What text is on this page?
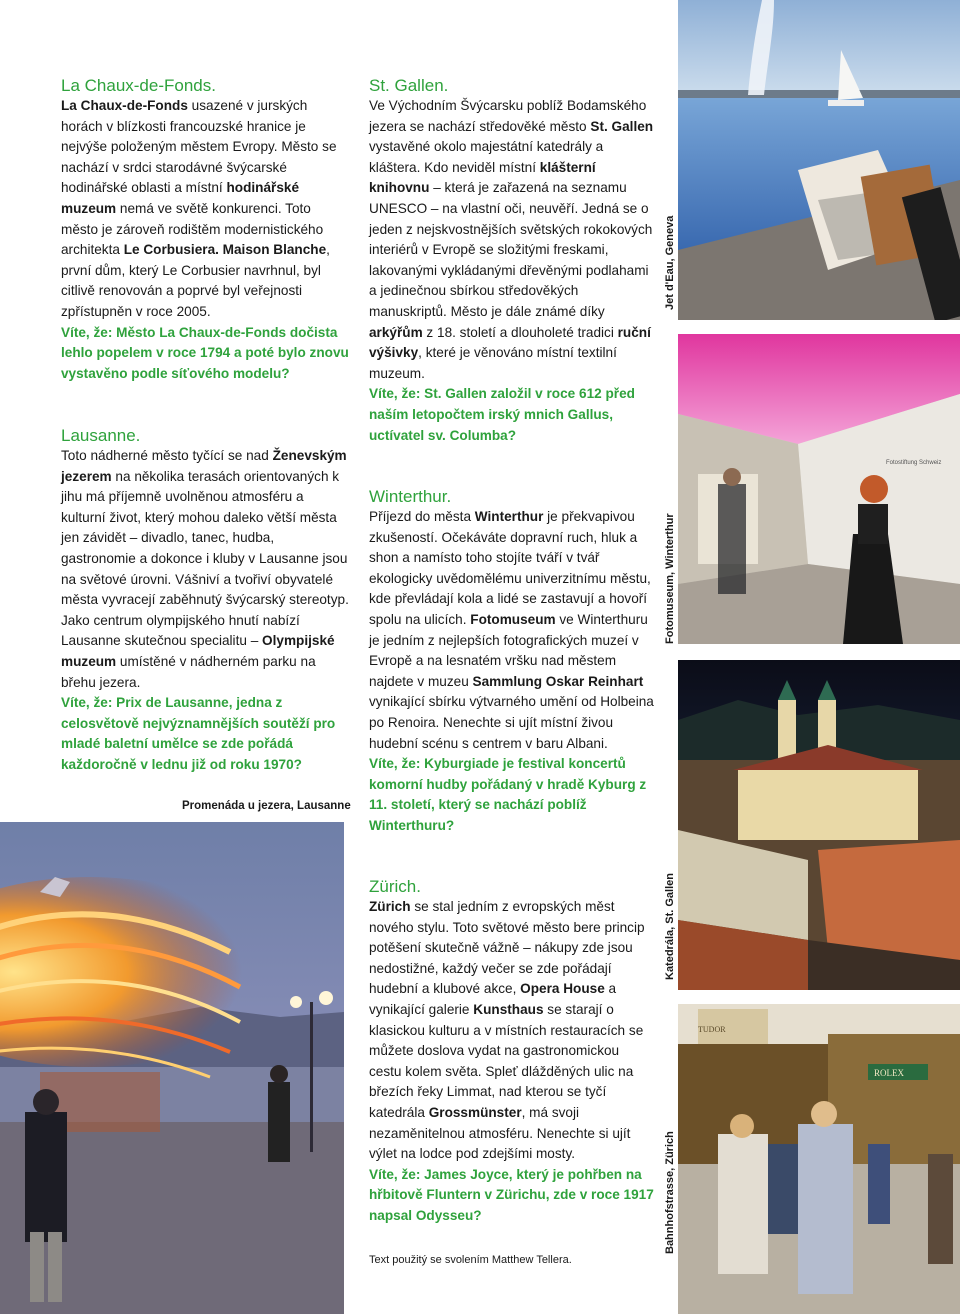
La Chaux-de-Fonds.

La Chaux-de-Fonds usazené v jurských horách v blízkosti francouzské hranice je nejvýše položeným městem Evropy. Město se nachází v srdci starodávné švýcarské hodinářské oblasti a místní hodinářské muzeum nemá ve světě konkurenci. Toto město je zároveň rodištěm modernistického architekta Le Corbusiera. Maison Blanche, první dům, který Le Corbusier navrhnul, byl citlivě renovován a poprvé byl veřejnosti zpřístupněn v roce 2005.

Víte, že: Město La Chaux-de-Fonds dočista lehlo popelem v roce 1794 a poté bylo znovu vystavěno podle síťového modelu?

Lausanne.

Toto nádherné město tyčící se nad Ženevským jezerem na několika terasách orientovaných k jihu má příjemně uvolněnou atmosféru a kulturní život, který mohou daleko větší města jen závidět – divadlo, tanec, hudba, gastronomie a dokonce i kluby v Lausanne jsou na světové úrovni. Vášniví a tvořiví obyvatelé města vyvracejí zaběhnutý švýcarský stereotyp. Jako centrum olympijského hnutí nabízí Lausanne skutečnou specialitu – Olympijské muzeum umístěné v nádherném parku na břehu jezera.

Víte, že: Prix de Lausanne, jedna z celosvětově nejvýznamnějších soutěží pro mladé baletní umělce se zde pořádá každoročně v lednu již od roku 1970?

Promenáda u jezera, Lausanne

St. Gallen.

Ve Východním Švýcarsku poblíž Bodamského jezera se nachází středověké město St. Gallen vystavěné okolo majestátní katedrály a kláštera. Kdo neviděl místní klášterní knihovnu – která je zařazená na seznamu UNESCO – na vlastní oči, neuvěří. Jedná se o jeden z nejskvostnějších světských rokokových interiérů v Evropě se složitými freskami, lakovanými vykládanými dřevěnými podlahami a jedinečnou sbírkou středověkých manuskriptů. Město je dále známé díky arkýřům z 18. století a dlouholeté tradici ruční výšivky, které je věnováno místní textilní muzeum.

Víte, že: St. Gallen založil v roce 612 před naším letopočtem irský mnich Gallus, uctívatel sv. Columba?

Winterthur.

Příjezd do města Winterthur je překvapivou zkušeností. Očekáváte dopravní ruch, hluk a shon a namísto toho stojíte tváří v tvář ekologicky uvědomělému univerzitnímu městu, kde převládají kola a lidé se zastavují a hovoří spolu na ulicích. Fotomuseum ve Winterthuru je jedním z nejlepších fotografických muzeí v Evropě a na lesnatém vršku nad městem najdete v muzeu Sammlung Oskar Reinhart vynikající sbírku výtvarného umění od Holbeina po Renoira. Nenechte si ujít místní živou hudební scénu s centrem v baru Albani.

Víte, že: Kyburgiade je festival koncertů komorní hudby pořádaný v hradě Kyburg z 11. století, který se nachází poblíž Winterthuru?

Zürich.

Zürich se stal jedním z evropských měst nového stylu. Toto světové město bere princip potěšení skutečně vážně – nákupy zde jsou nedostižné, každý večer se zde pořádají hudební a klubové akce, Opera House a vynikající galerie Kunsthaus se starají o klasickou kulturu a v místních restauracích se můžete doslova vydat na gastronomickou cestu kolem světa. Spleť dlážděných ulic na březích řeky Limmat, nad kterou se tyčí katedrála Grossmünster, má svoji nezaměnitelnou atmosféru. Nenechte si ujít výlet na lodce pod zdejšími mosty.

Víte, že: James Joyce, který je pohřben na hřbitově Fluntern v Zürichu, zde v roce 1917 napsal Odysseu?

Text použitý se svolením Matthew Tellera.
Fotostiftung Schweiz
ROLEX
TUDOR
Jet d'Eau, Geneva
Fotomuseum, Winterthur
Katedrála, St. Gallen
Bahnhofstrasse, Zürich
